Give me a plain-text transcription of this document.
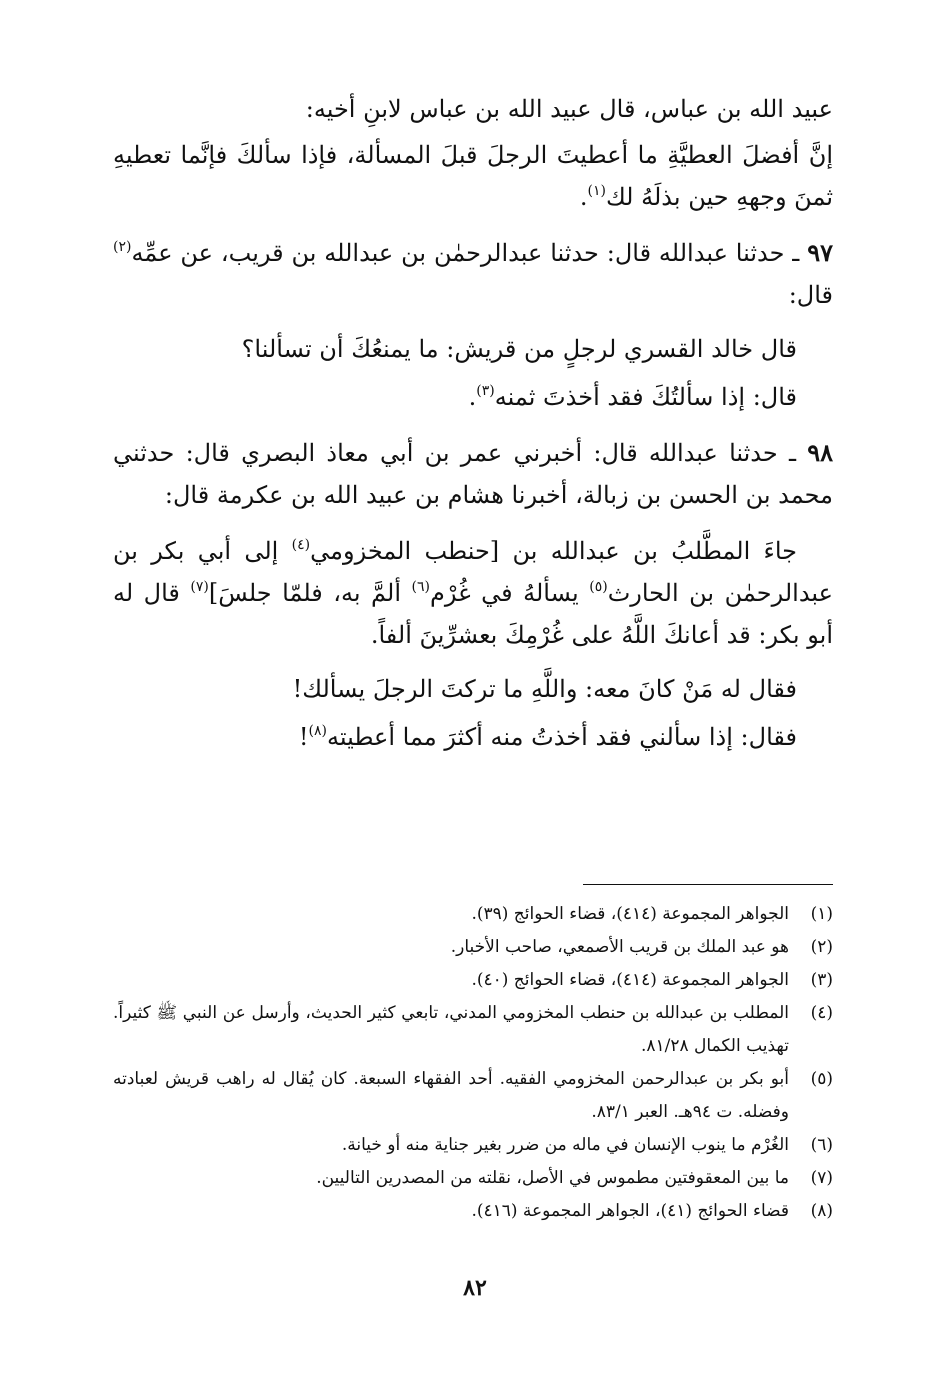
عبيد الله بن عباس، قال عبيد الله بن عباس لابنِ أخيه:

إنَّ أفضلَ العطيَّةِ ما أعطيتَ الرجلَ قبلَ المسألة، فإذا سألكَ فإنَّما تعطيهِ ثمنَ وجههِ حين بذلَهُ لك$^{(١)}$.

٩٧ ـ حدثنا عبدالله قال: حدثنا عبدالرحمٰن بن عبدالله بن قريب، عن عمِّه$^{(٢)}$ قال:

قال خالد القسري لرجلٍ من قريش: ما يمنعُكَ أن تسألنا؟

قال: إذا سألتُكَ فقد أخذتَ ثمنه$^{(٣)}$.

٩٨ ـ حدثنا عبدالله قال: أخبرني عمر بن أبي معاذ البصري قال: حدثني محمد بن الحسن بن زبالة، أخبرنا هشام بن عبيد الله بن عكرمة قال:

جاءَ المطَّلبُ بن عبدالله بن [حنطب المخزومي$^{(٤)}$ إلى أبي بكر بن عبدالرحمٰن بن الحارث$^{(٥)}$ يسألهُ في غُرْم$^{(٦)}$ ألمَّ به، فلمّا جلسَ]$^{(٧)}$ قال له أبو بكر: قد أعانكَ اللَّهُ على غُرْمِكَ بعشرِّينَ ألفاً.

فقال له مَنْ كانَ معه: واللَّهِ ما تركتَ الرجلَ يسألك!

فقال: إذا سألني فقد أخذتُ منه أكثرَ مما أعطيته$^{(٨)}$!

(١)
الجواهر المجموعة (٤١٤)، قضاء الحوائج (٣٩).
(٢)
هو عبد الملك بن قريب الأصمعي، صاحب الأخبار.
(٣)
الجواهر المجموعة (٤١٤)، قضاء الحوائج (٤٠).
(٤)
المطلب بن عبدالله بن حنطب المخزومي المدني، تابعي كثير الحديث، وأرسل عن النبي ﷺ كثيراً. تهذيب الكمال ٨١/٢٨.
(٥)
أبو بكر بن عبدالرحمن المخزومي الفقيه. أحد الفقهاء السبعة. كان يُقال له راهب قريش لعبادته وفضله. ت ٩٤هـ. العبر ٨٣/١.
(٦)
الغُرْم ما ينوب الإنسان في ماله من ضرر بغير جناية منه أو خيانة.
(٧)
ما بين المعقوفتين مطموس في الأصل، نقلته من المصدرين التاليين.
(٨)
قضاء الحوائج (٤١)، الجواهر المجموعة (٤١٦).
٨٢
